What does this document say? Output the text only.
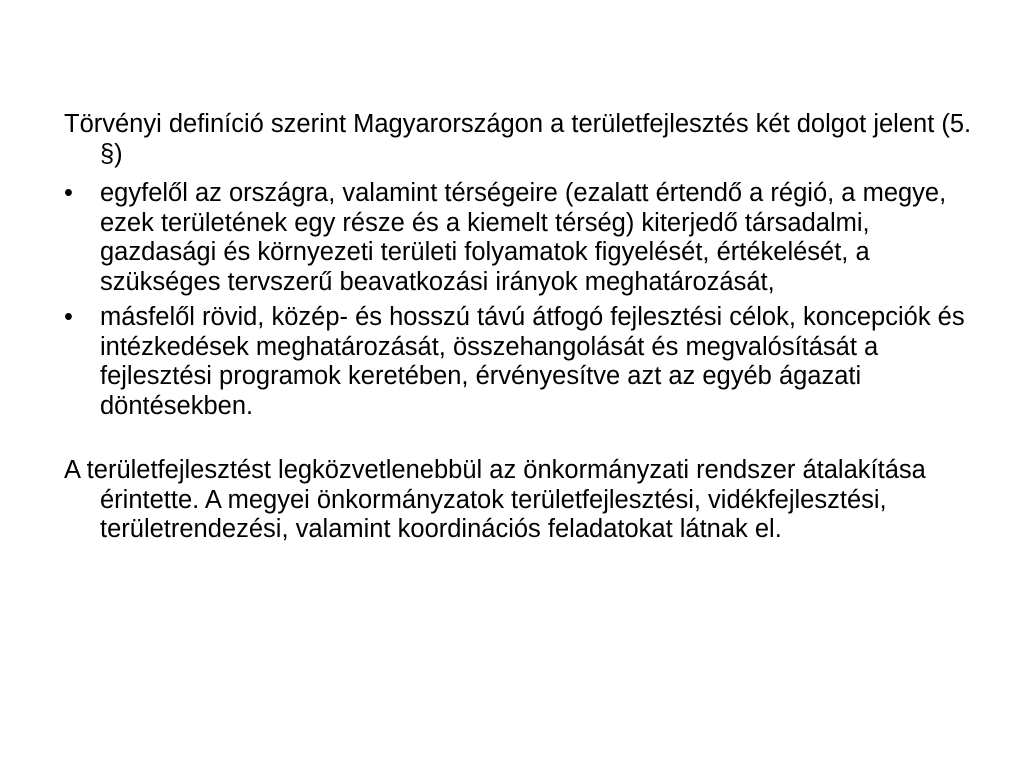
Törvényi definíció szerint Magyarországon a területfejlesztés két dolgot jelent (5. §)

•	egyfelől az országra, valamint térségeire (ezalatt értendő a régió, a megye, ezek területének egy része és a kiemelt térség) kiterjedő társadalmi, gazdasági és környezeti területi folyamatok figyelését, értékelését, a szükséges tervszerű beavatkozási irányok meghatározását,
•	másfelől rövid, közép- és hosszú távú átfogó fejlesztési célok, koncepciók és intézkedések meghatározását, összehangolását és megvalósítását a fejlesztési programok keretében, érvényesítve azt az egyéb ágazati döntésekben.

A területfejlesztést legközvetlenebbül az önkormányzati rendszer átalakítása érintette. A megyei önkormányzatok területfejlesztési, vidékfejlesztési, területrendezési, valamint koordinációs feladatokat látnak el.
